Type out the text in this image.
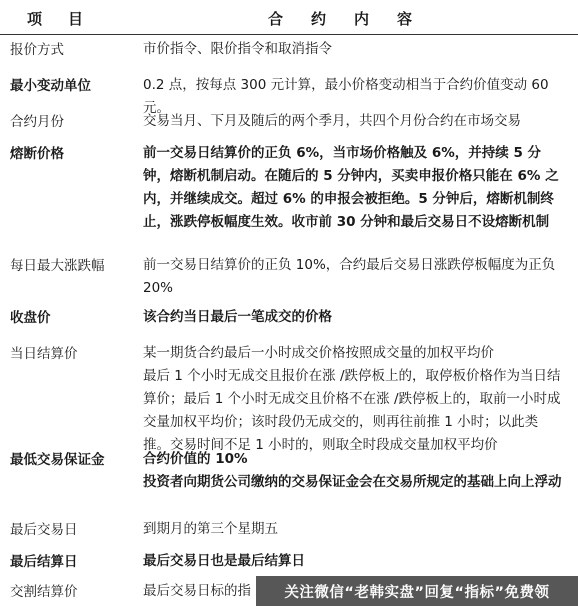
项目	合约内容
报价方式	市价指令、限价指令和取消指令

最小变动单位	0.2 点，按每点 300 元计算，最小价格变动相当于合约价值变动 60 元。

合约月份	交易当月、下月及随后的两个季月，共四个月份合约在市场交易

熔断价格	前一交易日结算价的正负 6%，当市场价格触及 6%，并持续 5 分钟，熔断机制启动。在随后的 5 分钟内，买卖申报价格只能在 6% 之内，并继续成交。超过 6% 的申报会被拒绝。5 分钟后，熔断机制终止，涨跌停板幅度生效。收市前 30 分钟和最后交易日不设熔断机制

每日最大涨跌幅	前一交易日结算价的正负 10%，合约最后交易日涨跌停板幅度为正负 20%

收盘价	该合约当日最后一笔成交的价格

当日结算价	某一期货合约最后一小时成交价格按照成交量的加权平均价

最后 1 个小时无成交且报价在涨 /跌停板上的，取停板价格作为当日结算价；最后 1 个小时无成交且价格不在涨 /跌停板上的，取前一小时成交量加权平均价；该时段仍无成交的，则再往前推 1 小时；以此类推。交易时间不足 1 小时的，则取全时段成交量加权平均价

最低交易保证金	合约价值的 10%

投资者向期货公司缴纳的交易保证金会在交易所规定的基础上向上浮动

最后交易日	到期月的第三个星期五

最后结算日	最后交易日也是最后结算日

交割结算价	最后交易日标的指	关注微信“老韩实盘”回复“指标”免费领
